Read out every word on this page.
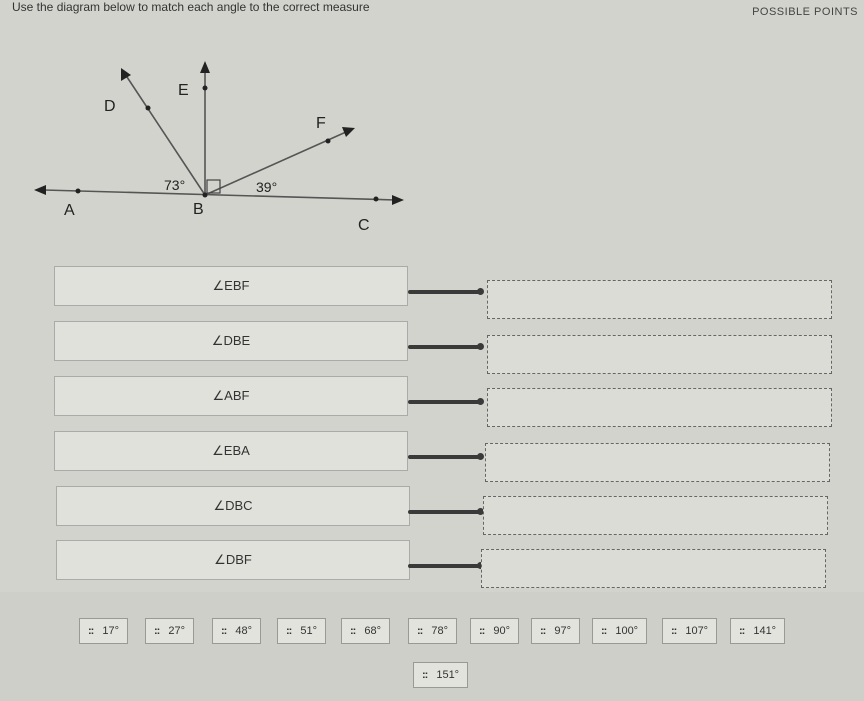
Use the diagram below to match each angle to the correct measure	POSSIBLE POINTS
A	B
C
D
E
F
73°	39°
∠EBF
∠DBE
∠ABF
∠EBA
∠DBC
∠DBF
:: 17°	:: 27°	:: 48°	:: 51°	:: 68°	:: 78°	:: 90°	:: 97°	:: 100°	:: 107°	:: 141°
:: 151°
